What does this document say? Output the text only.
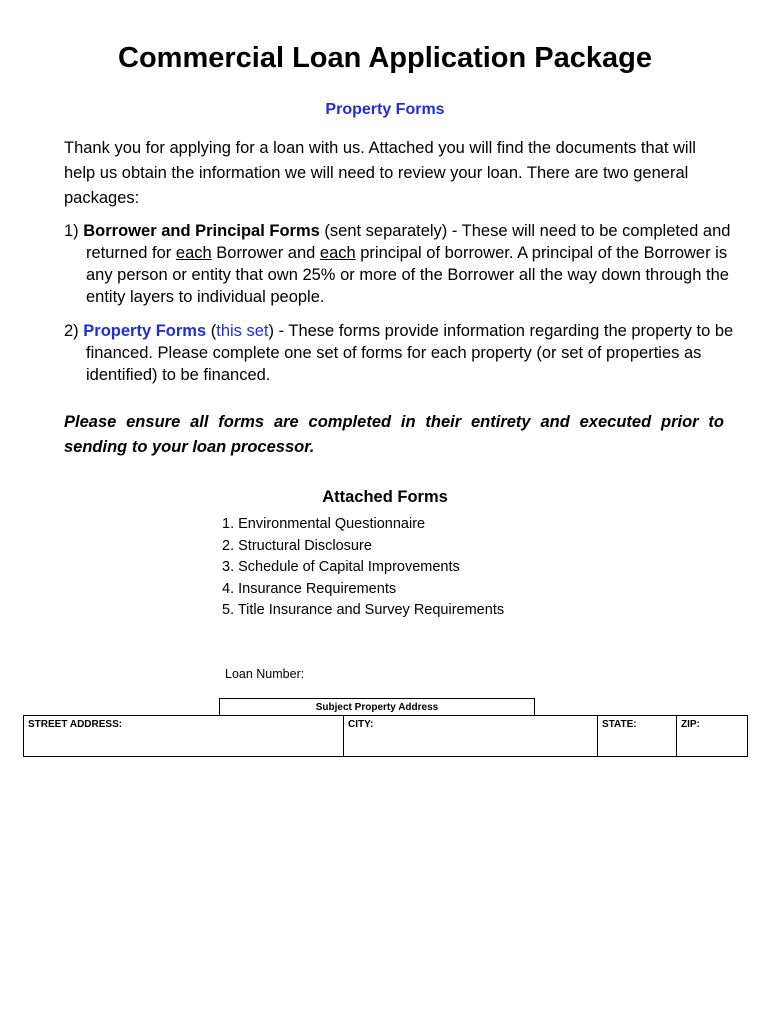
Commercial Loan Application Package
Property Forms

Thank you for applying for a loan with us. Attached you will find the documents that will help us obtain the information we will need to review your loan. There are two general packages:

1) Borrower and Principal Forms (sent separately) - These will need to be completed and returned for each Borrower and each principal of borrower. A principal of the Borrower is any person or entity that own 25% or more of the Borrower all the way down through the entity layers to individual people.

2) Property Forms (this set) - These forms provide information regarding the property to be financed. Please complete one set of forms for each property (or set of properties as identified) to be financed.

Please ensure all forms are completed in their entirety and executed prior to sending to your loan processor.

Attached Forms
1. Environmental Questionnaire
2. Structural Disclosure
3. Schedule of Capital Improvements
4. Insurance Requirements
5. Title Insurance and Survey Requirements

Loan Number:

Subject Property Address
STREET ADDRESS:	CITY:	STATE:	ZIP:
